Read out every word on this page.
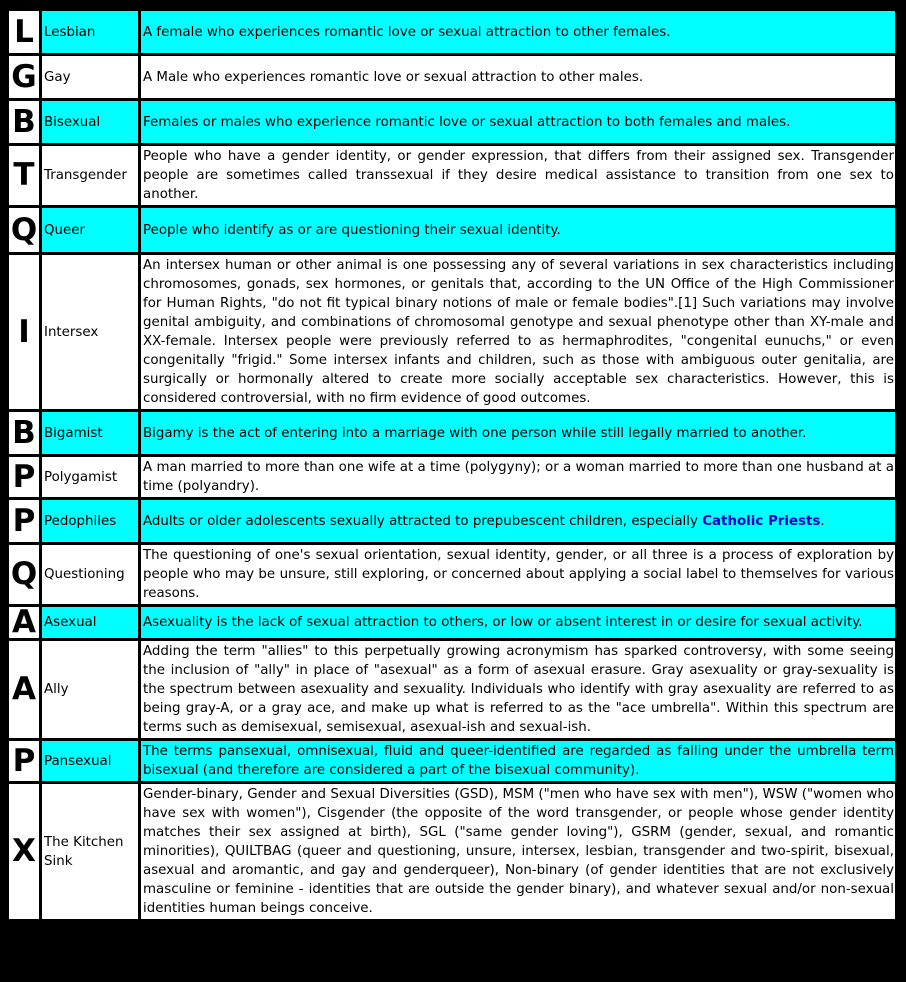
L	Lesbian	A female who experiences romantic love or sexual attraction to other females.
G	Gay	A Male who experiences romantic love or sexual attraction to other males.
B	Bisexual	Females or males who experience romantic love or sexual attraction to both females and males.
T	Transgender	People who have a gender identity, or gender expression, that differs from their assigned sex. Transgender people are sometimes called transsexual if they desire medical assistance to transition from one sex to another.
Q	Queer	People who identify as or are questioning their sexual identity.
I	Intersex	An intersex human or other animal is one possessing any of several variations in sex characteristics including chromosomes, gonads, sex hormones, or genitals that, according to the UN Office of the High Commissioner for Human Rights, "do not fit typical binary notions of male or female bodies".[1] Such variations may involve genital ambiguity, and combinations of chromosomal genotype and sexual phenotype other than XY-male and XX-female. Intersex people were previously referred to as hermaphrodites, "congenital eunuchs," or even congenitally "frigid." Some intersex infants and children, such as those with ambiguous outer genitalia, are surgically or hormonally altered to create more socially acceptable sex characteristics. However, this is considered controversial, with no firm evidence of good outcomes.
B	Bigamist	Bigamy is the act of entering into a marriage with one person while still legally married to another.
P	Polygamist	A man married to more than one wife at a time (polygyny); or a woman married to more than one husband at a time (polyandry).
P	Pedophiles	Adults or older adolescents sexually attracted to prepubescent children, especially Catholic Priests.
Q	Questioning	The questioning of one's sexual orientation, sexual identity, gender, or all three is a process of exploration by people who may be unsure, still exploring, or concerned about applying a social label to themselves for various reasons.
A	Asexual	Asexuality is the lack of sexual attraction to others, or low or absent interest in or desire for sexual activity.
A	Ally	Adding the term "allies" to this perpetually growing acronymism has sparked controversy, with some seeing the inclusion of "ally" in place of "asexual" as a form of asexual erasure. Gray asexuality or gray-sexuality is the spectrum between asexuality and sexuality. Individuals who identify with gray asexuality are referred to as being gray-A, or a gray ace, and make up what is referred to as the "ace umbrella". Within this spectrum are terms such as demisexual, semisexual, asexual-ish and sexual-ish.
P	Pansexual	The terms pansexual, omnisexual, fluid and queer-identified are regarded as falling under the umbrella term bisexual (and therefore are considered a part of the bisexual community).
X	The Kitchen Sink	Gender-binary, Gender and Sexual Diversities (GSD), MSM ("men who have sex with men"), WSW ("women who have sex with women"), Cisgender (the opposite of the word transgender, or people whose gender identity matches their sex assigned at birth), SGL ("same gender loving"), GSRM (gender, sexual, and romantic minorities), QUILTBAG (queer and questioning, unsure, intersex, lesbian, transgender and two-spirit, bisexual, asexual and aromantic, and gay and genderqueer), Non-binary (of gender identities that are not exclusively masculine or feminine - identities that are outside the gender binary), and whatever sexual and/or non-sexual identities human beings conceive.
